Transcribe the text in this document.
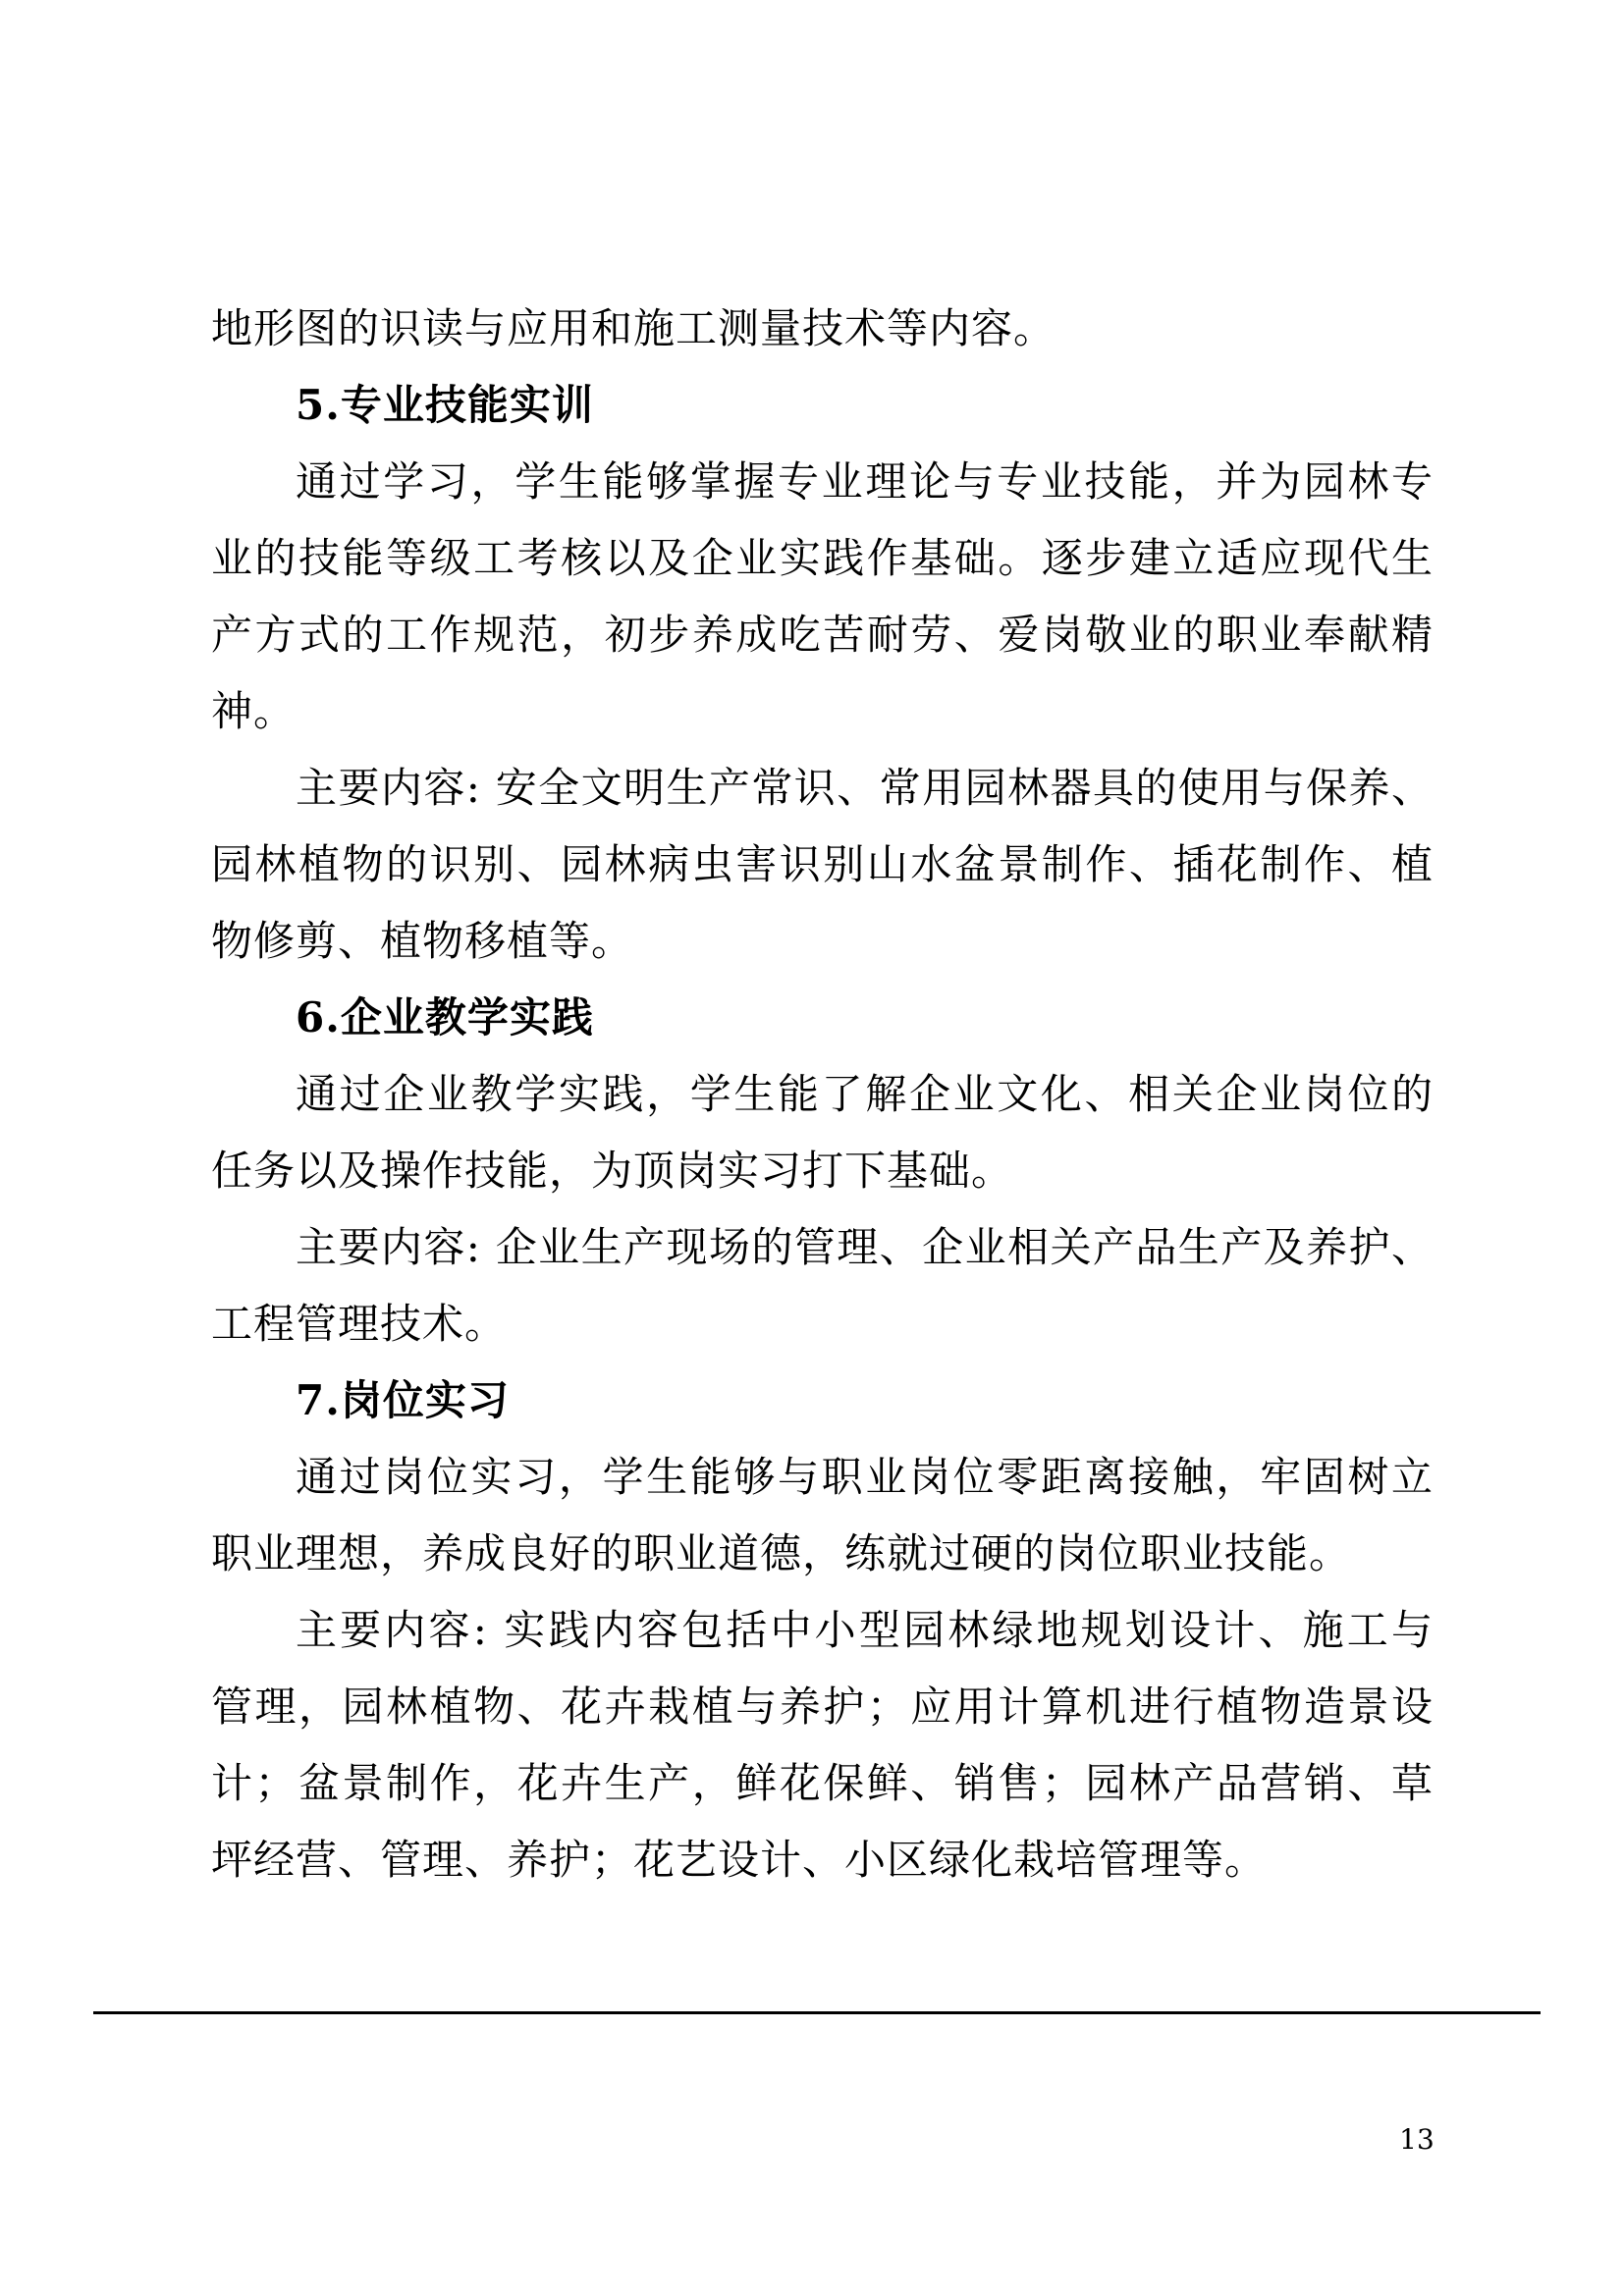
地形图的识读与应用和施工测量技术等内容。
5.专业技能实训
通过学习，学生能够掌握专业理论与专业技能，并为园林专
业的技能等级工考核以及企业实践作基础。逐步建立适应现代生
产方式的工作规范，初步养成吃苦耐劳、爱岗敬业的职业奉献精
神。
主要内容: 安全文明生产常识、常用园林器具的使用与保养、
园林植物的识别、园林病虫害识别山水盆景制作、插花制作、植
物修剪、植物移植等。
6.企业教学实践
通过企业教学实践，学生能了解企业文化、相关企业岗位的
任务以及操作技能，为顶岗实习打下基础。
主要内容: 企业生产现场的管理、企业相关产品生产及养护、
工程管理技术。
7.岗位实习
通过岗位实习，学生能够与职业岗位零距离接触，牢固树立
职业理想，养成良好的职业道德，练就过硬的岗位职业技能。
主要内容: 实践内容包括中小型园林绿地规划设计、施工与
管理，园林植物、花卉栽植与养护；应用计算机进行植物造景设
计；盆景制作，花卉生产，鲜花保鲜、销售；园林产品营销、草
坪经营、管理、养护；花艺设计、小区绿化栽培管理等。
13
